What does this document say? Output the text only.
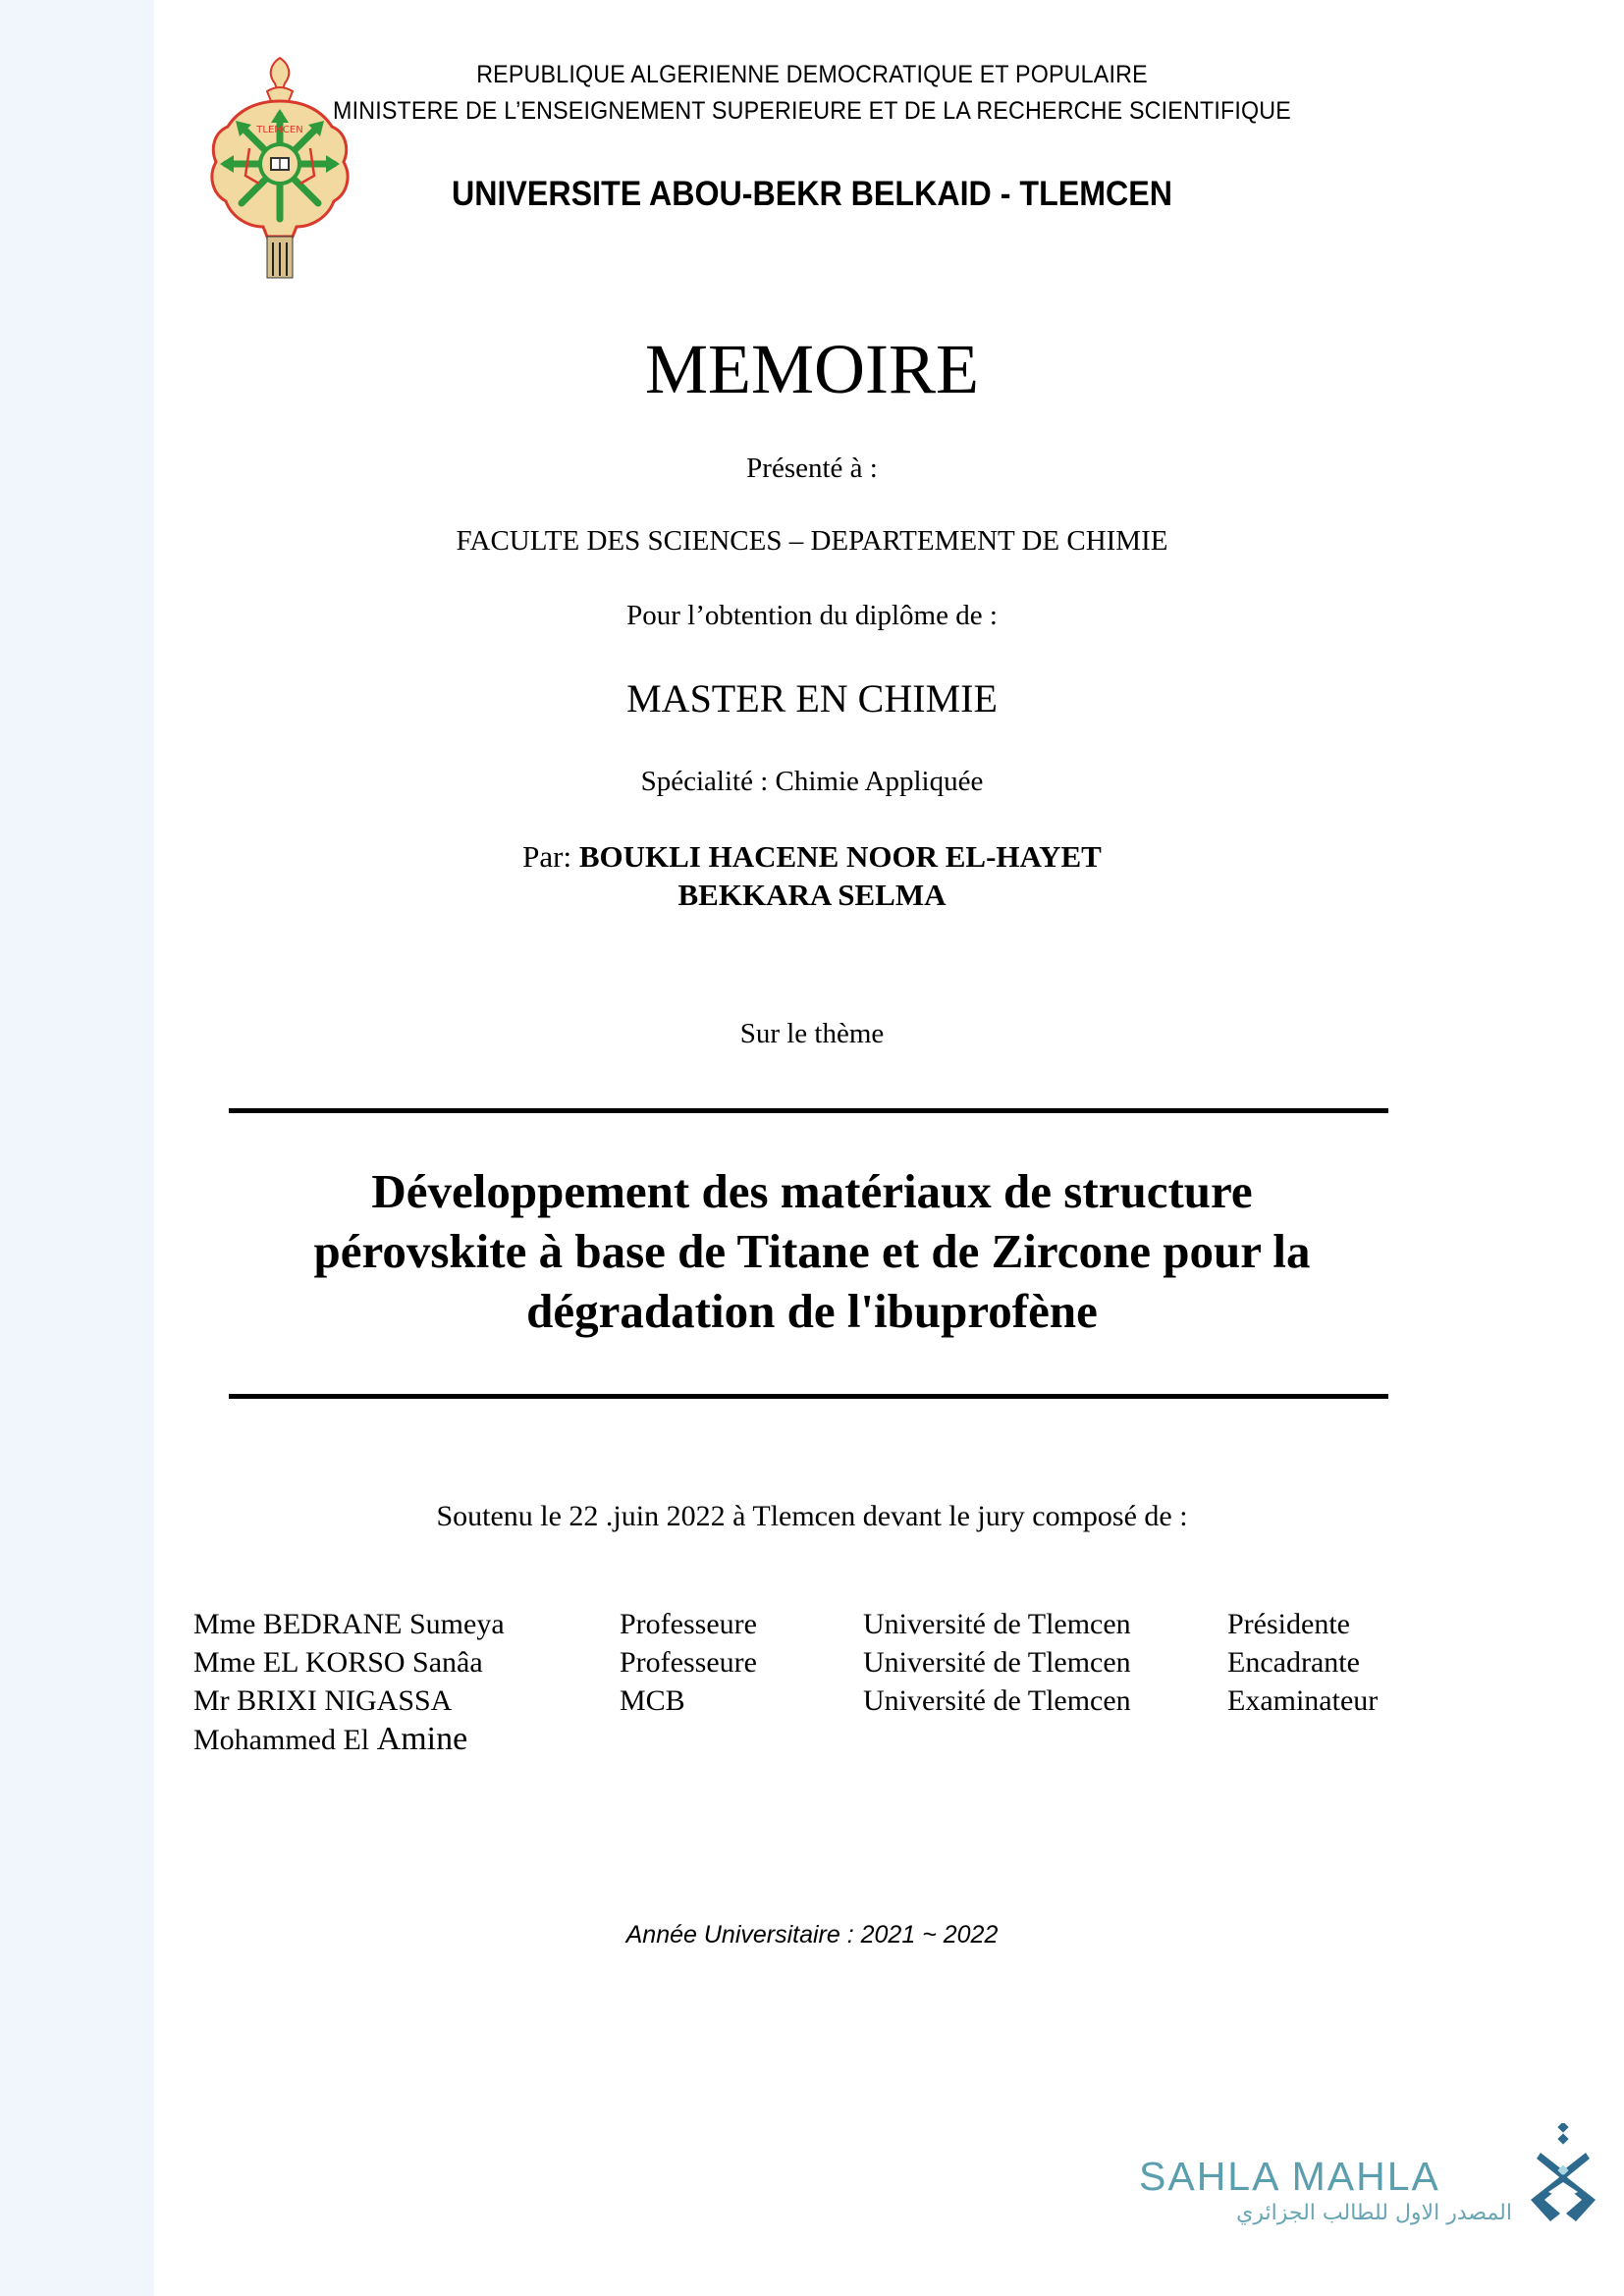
TLEMCEN
REPUBLIQUE ALGERIENNE DEMOCRATIQUE ET POPULAIRE
MINISTERE DE L’ENSEIGNEMENT SUPERIEURE ET DE LA RECHERCHE SCIENTIFIQUE
UNIVERSITE ABOU-BEKR BELKAID - TLEMCEN
MEMOIRE
Présenté à :
FACULTE DES SCIENCES – DEPARTEMENT DE CHIMIE
Pour l’obtention du diplôme de :
MASTER EN CHIMIE
Spécialité : Chimie Appliquée
Par: BOUKLI HACENE NOOR EL-HAYET
BEKKARA SELMA
Sur le thème
Développement des matériaux de structure
pérovskite à base de Titane et de Zircone pour la
dégradation de l'ibuprofène
Soutenu le 22 .juin 2022 à Tlemcen devant le jury composé de :
Mme BEDRANE Sumeya	Professeure	Université de Tlemcen	Présidente
Mme EL KORSO Sanâa	Professeure	Université de Tlemcen	Encadrante
Mr BRIXI NIGASSA	MCB	Université de Tlemcen	Examinateur
Mohammed El Amine
Année Universitaire : 2021 ~ 2022
SAHLA MAHLA
المصدر الاول للطالب الجزائري
